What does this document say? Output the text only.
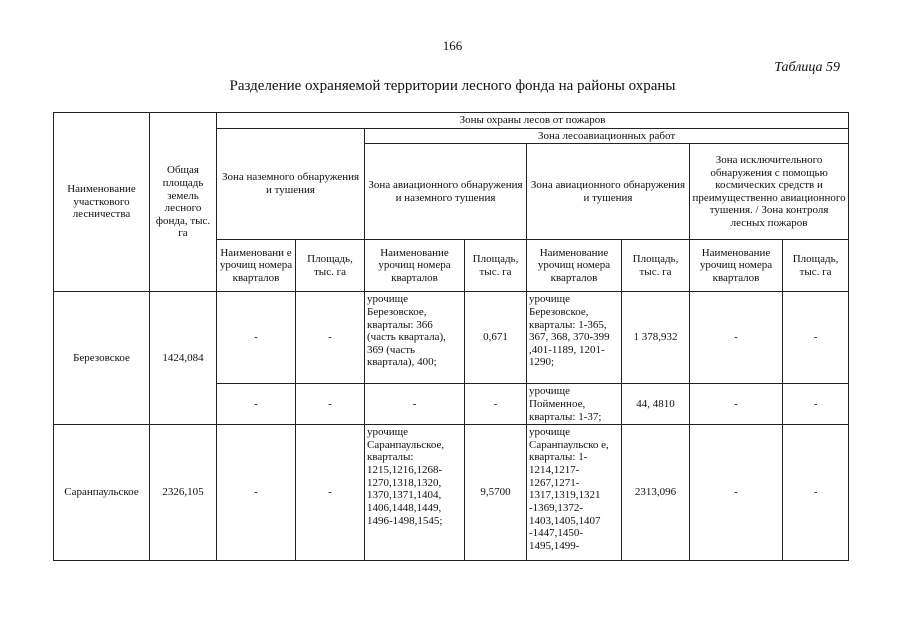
166
Таблица 59
Разделение охраняемой территории лесного фонда на районы охраны
Наименование участкового лесничества	Общая площадь земель лесного фонда, тыс. га	Зоны охраны лесов от пожаров							
		Зона наземного обнаружения и тушения		Зона лесоавиационных работ					
				Зона авиационного обнаружения и наземного тушения		Зона авиационного обнаружения и тушения		Зона исключительного обнаружения с помощью космических средств и преимущественно авиационного тушения. / Зона контроля лесных пожаров	
		Наименовани е урочищ номера кварталов	Площадь, тыс. га	Наименование урочищ номера кварталов	Площадь, тыс. га	Наименование урочищ номера кварталов	Площадь, тыс. га	Наименование урочищ номера кварталов	Площадь, тыс. га
Березовское	1424,084	-	-	урочище Березовское, кварталы: 366 (часть квартала), 369 (часть квартала), 400;	0,671	урочище Березовское, кварталы: 1-365, 367, 368, 370-399 ,401-1189, 1201-1290;	1 378,932	-	-
		-	-	-	-	урочище Пойменное, кварталы: 1-37;	44, 4810	-	-
Саранпаульское	2326,105	-	-	урочище Саранпаульское, кварталы: 1215,1216,1268-1270,1318,1320, 1370,1371,1404, 1406,1448,1449, 1496-1498,1545;	9,5700	урочище Саранпаульско е, кварталы: 1-1214,1217-1267,1271-1317,1319,1321 -1369,1372-1403,1405,1407 -1447,1450-1495,1499-	2313,096	-	-
